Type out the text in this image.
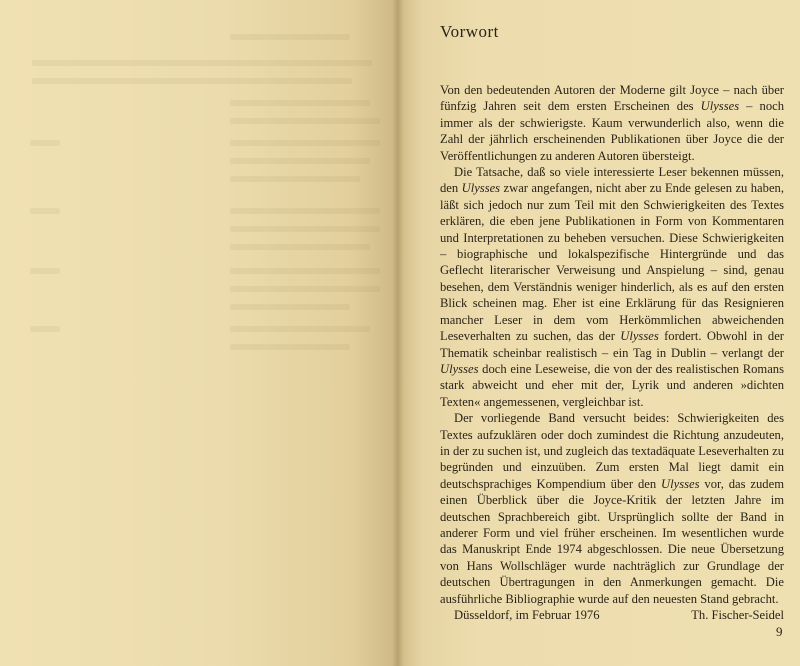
Vorwort

Von den bedeutenden Autoren der Moderne gilt Joyce – nach über fünfzig Jahren seit dem ersten Erscheinen des Ulysses – noch immer als der schwierigste. Kaum verwunderlich also, wenn die Zahl der jährlich erscheinenden Publikationen über Joyce die der Veröffentlichungen zu anderen Autoren übersteigt.

Die Tatsache, daß so viele interessierte Leser bekennen müssen, den Ulysses zwar angefangen, nicht aber zu Ende gelesen zu haben, läßt sich jedoch nur zum Teil mit den Schwierigkeiten des Textes erklären, die eben jene Publikationen in Form von Kommentaren und Interpretationen zu beheben versuchen. Diese Schwierigkeiten – biographische und lokalspezifische Hintergründe und das Geflecht literarischer Verweisung und Anspielung – sind, genau besehen, dem Verständnis weniger hinderlich, als es auf den ersten Blick scheinen mag. Eher ist eine Erklärung für das Resignieren mancher Leser in dem vom Herkömmlichen abweichenden Leseverhalten zu suchen, das der Ulysses fordert. Obwohl in der Thematik scheinbar realistisch – ein Tag in Dublin – verlangt der Ulysses doch eine Leseweise, die von der des realistischen Romans stark abweicht und eher mit der, Lyrik und anderen »dichten Texten« angemessenen, vergleichbar ist.

Der vorliegende Band versucht beides: Schwierigkeiten des Textes aufzuklären oder doch zumindest die Richtung anzudeuten, in der zu suchen ist, und zugleich das textadäquate Leseverhalten zu begründen und einzuüben. Zum ersten Mal liegt damit ein deutschsprachiges Kompendium über den Ulysses vor, das zudem einen Überblick über die Joyce-Kritik der letzten Jahre im deutschen Sprachbereich gibt. Ursprünglich sollte der Band in anderer Form und viel früher erscheinen. Im wesentlichen wurde das Manuskript Ende 1974 abgeschlossen. Die neue Übersetzung von Hans Wollschläger wurde nachträglich zur Grundlage der deutschen Übertragungen in den Anmerkungen gemacht. Die ausführliche Bibliographie wurde auf den neuesten Stand gebracht.

Düsseldorf, im Februar 1976	Th. Fischer-Seidel

9
